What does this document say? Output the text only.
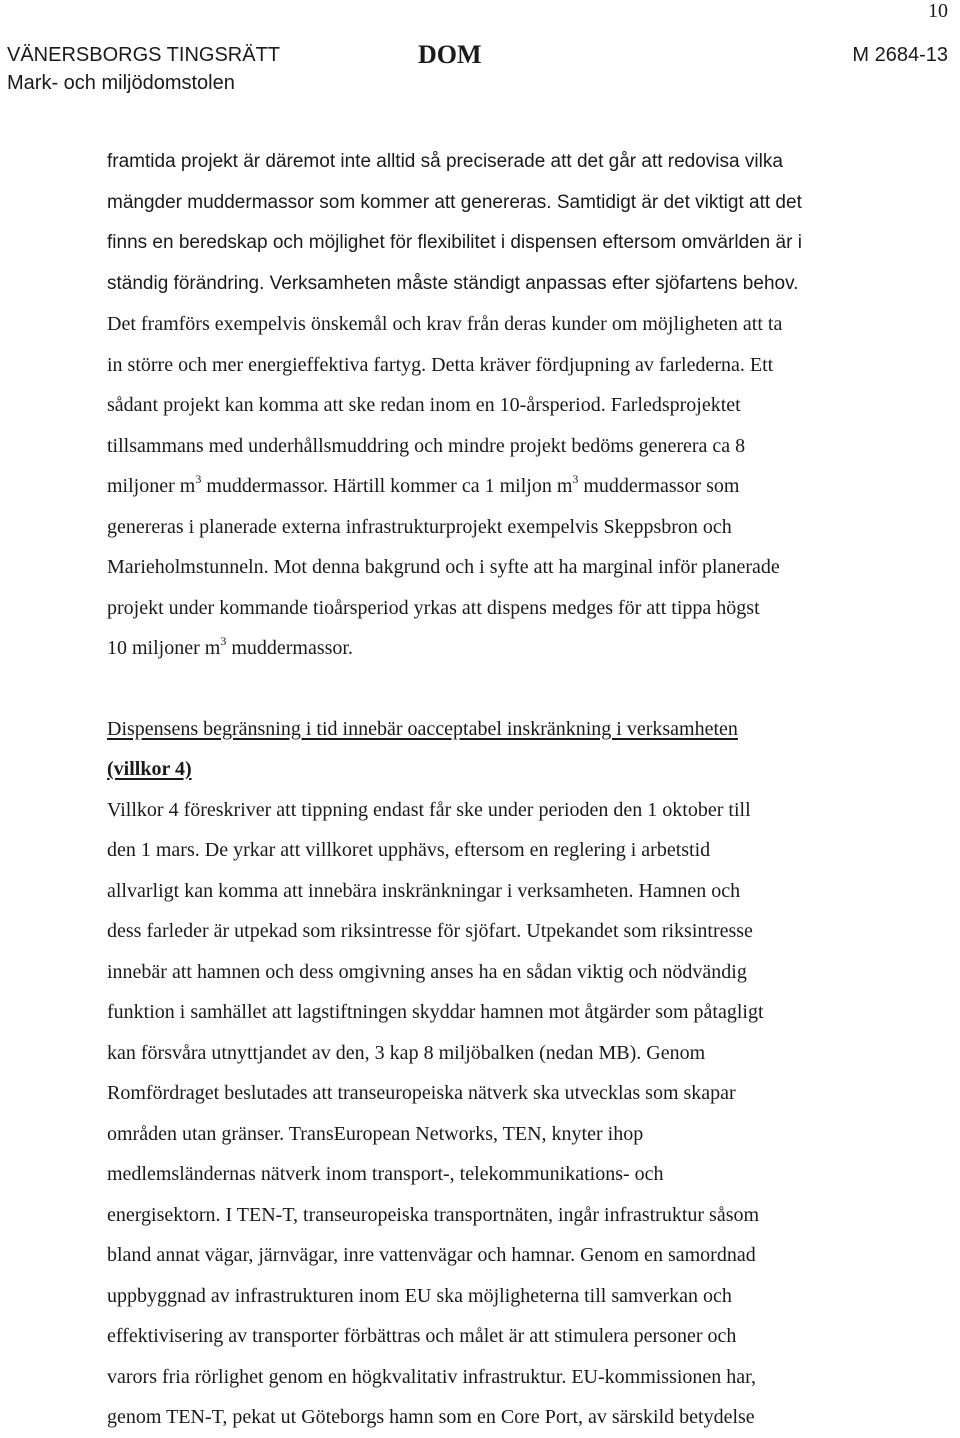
10
VÄNERSBORGS TINGSRÄTT
Mark- och miljödomstolen
DOM	M 2684-13

framtida projekt är däremot inte alltid så preciserade att det går att redovisa vilka
mängder muddermassor som kommer att genereras. Samtidigt är det viktigt att det
finns en beredskap och möjlighet för flexibilitet i dispensen eftersom omvärlden är i
ständig förändring. Verksamheten måste ständigt anpassas efter sjöfartens behov.
Det framförs exempelvis önskemål och krav från deras kunder om möjligheten att ta
in större och mer energieffektiva fartyg. Detta kräver fördjupning av farlederna. Ett
sådant projekt kan komma att ske redan inom en 10-årsperiod. Farledsprojektet
tillsammans med underhållsmuddring och mindre projekt bedöms generera ca 8
miljoner $m^3$ muddermassor. Härtill kommer ca 1 miljon $m^3$ muddermassor som
genereras i planerade externa infrastrukturprojekt exempelvis Skeppsbron och
Marieholmstunneln. Mot denna bakgrund och i syfte att ha marginal inför planerade
projekt under kommande tioårsperiod yrkas att dispens medges för att tippa högst
10 miljoner $m^3$ muddermassor.

Dispensens begränsning i tid innebär oacceptabel inskränkning i verksamheten
(villkor 4)

Villkor 4 föreskriver att tippning endast får ske under perioden den 1 oktober till
den 1 mars. De yrkar att villkoret upphävs, eftersom en reglering i arbetstid
allvarligt kan komma att innebära inskränkningar i verksamheten. Hamnen och
dess farleder är utpekad som riksintresse för sjöfart. Utpekandet som riksintresse
innebär att hamnen och dess omgivning anses ha en sådan viktig och nödvändig
funktion i samhället att lagstiftningen skyddar hamnen mot åtgärder som påtagligt
kan försvåra utnyttjandet av den, 3 kap 8 miljöbalken (nedan MB). Genom
Romfördraget beslutades att transeuropeiska nätverk ska utvecklas som skapar
områden utan gränser. TransEuropean Networks, TEN, knyter ihop
medlemsländernas nätverk inom transport-, telekommunikations- och
energisektorn. I TEN-T, transeuropeiska transportnäten, ingår infrastruktur såsom
bland annat vägar, järnvägar, inre vattenvägar och hamnar. Genom en samordnad
uppbyggnad av infrastrukturen inom EU ska möjligheterna till samverkan och
effektivisering av transporter förbättras och målet är att stimulera personer och
varors fria rörlighet genom en högkvalitativ infrastruktur. EU-kommissionen har,
genom TEN-T, pekat ut Göteborgs hamn som en Core Port, av särskild betydelse
